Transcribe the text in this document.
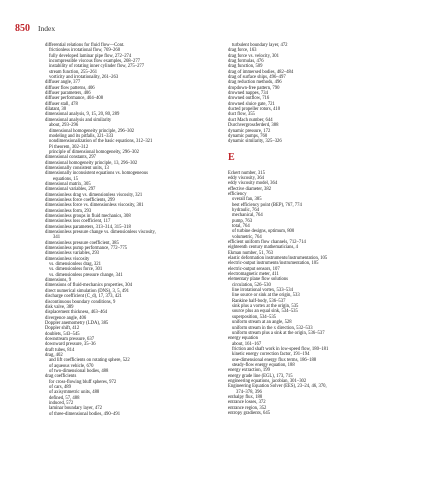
850 Index
differential relations for fluid flow—Cont.
frictionless irrotational flow, 769–260
fully developed laminar pipe flow, 272–274
incompressible viscous flow examples, 268–277
instability of rotating inner cylinder flow, 275–277
stream function, 255–261
vorticity and irrotationality, 261–263
diffuser angle, 377
diffuser flow patterns, 406
diffuser parameters, 406
diffuser performance, 404–408
diffuser stall, 478
dilatant, 30
dimensional analysis, 9, 15, 20, 80, 289
dimensional analysis and similarity
about, 293–296
dimensional homogeneity principle, 296–302
modeling and its pitfalls, 321–333
nondimensionalization of the basic equations, 312–321
Pi theorem, 302–312
principle of dimensional homogeneity, 296–302
dimensional constants, 297
dimensional homogeneity principle, 13, 296–302
dimensionally consistent units, 13
dimensionally inconsistent equations vs. homogeneous
equations, 15
dimensional matrix, 305
dimensional variables, 297
dimensionless drag vs. dimensionless viscosity, 321
dimensionless force coefficients, 299
dimensionless force vs. dimensionless viscosity, 301
dimensionless form, 293
dimensionless groups in fluid mechanics, 308
dimensionless loss coefficient, 117
dimensionless parameters, 313–314, 315–318
dimensionless pressure change vs. dimensionless viscosity,
341
dimensionless pressure coefficient, 385
dimensionless pump performance, 772–775
dimensionless variables, 293
dimensionless viscosity
vs. dimensionless drag, 321
vs. dimensionless force, 301
vs. dimensionless pressure change, 341
dimensions, 9
dimensions of fluid-mechanics properties, 304
direct numerical simulation (DNS), 3, 5, 491
discharge coefficient (C_d), 17, 373, 421
discontinuous boundary conditions, 9
disk valve, 389
displacement thickness, 463–464
divergence angle, 406
Doppler anemometry (LDA), 385
Doppler shift, 412
doublets, 543–545
downstream pressure, 637
downward pressure, 35–36
draft tubes, 814
drag, 402
and lift coefficients on rotating sphere, 522
of aqueous vehicle, 670
of two-dimensional bodies, 488
drag coefficients
for cross-flowing bluff spheres, 972
of cars, 489
of axisymmetric units, 488
defined, 57, 488
induced, 572
laminar boundary layer, 472
of three-dimensional bodies, 490–491
turbulent boundary layer, 472
drag force, 163
drag force vs. velocity, 301
drag formulas, 476
drag function, 509
drag of immersed bodies, 482–484
drag of surface ships, 496–497
drag reduction methods, 496
dropdown-free pattern, 790
drowned nappes, 734
drowned outflow, 716
drowned sluice gate, 721
ducted propeller rotors, 410
duct flow, 355
duct Mach number, 644
Durchvergrossferderd, 388
dynamic pressure, 172
dynamic pumps, 760
dynamic similarity, 325–326
E
Eckert number, 315
eddy viscosity, 364
eddy viscosity model, 364
effective diameter, 382
efficiency
overall fan, 385
best efficiency point (BEP), 767, 774
hydraulic, 764
mechanical, 764
pump, 763
total, 764
of turbine designs, optimum, 800
volumetric, 764
efficient uniform flow channels, 712–714
eighteenth century mathematicians, 4
Ekman number, 51, 763
elastic deformation instruments/instrumentation, 105
electric-output instruments/instrumentation, 105
electric-output sensors, 107
electromagnetic meter, 411
elementary plane flow solutions
circulation, 526–530
line irrotational vortex, 533–534
line source or sink at the origin, 533
Rankine half-body, 536–537
sink plus a vortex at the origin, 535
source plus an equal sink, 534–535
superposition, 534–535
uniform stream at an angle, 528
uniform stream in the x direction, 532–533
uniform stream plus a sink at the origin, 536–537
energy equation
about, 161–167
friction and shaft work in low-speed flow, 180–181
kinetic energy correction factor, 191–194
one-dimensional energy flux terms, 186–188
steady-flow energy equation, 188
energy extraction, 199
energy grade line (EGL), 173, 715
engineering equations, jacobian, 301–302
Engineering Equation Solver (EES), 23–24, 46, 370,
374–378, 396
enthalpy flux, 188
entrance losses, 372
entrance region, 352
entropy gradients, 645
